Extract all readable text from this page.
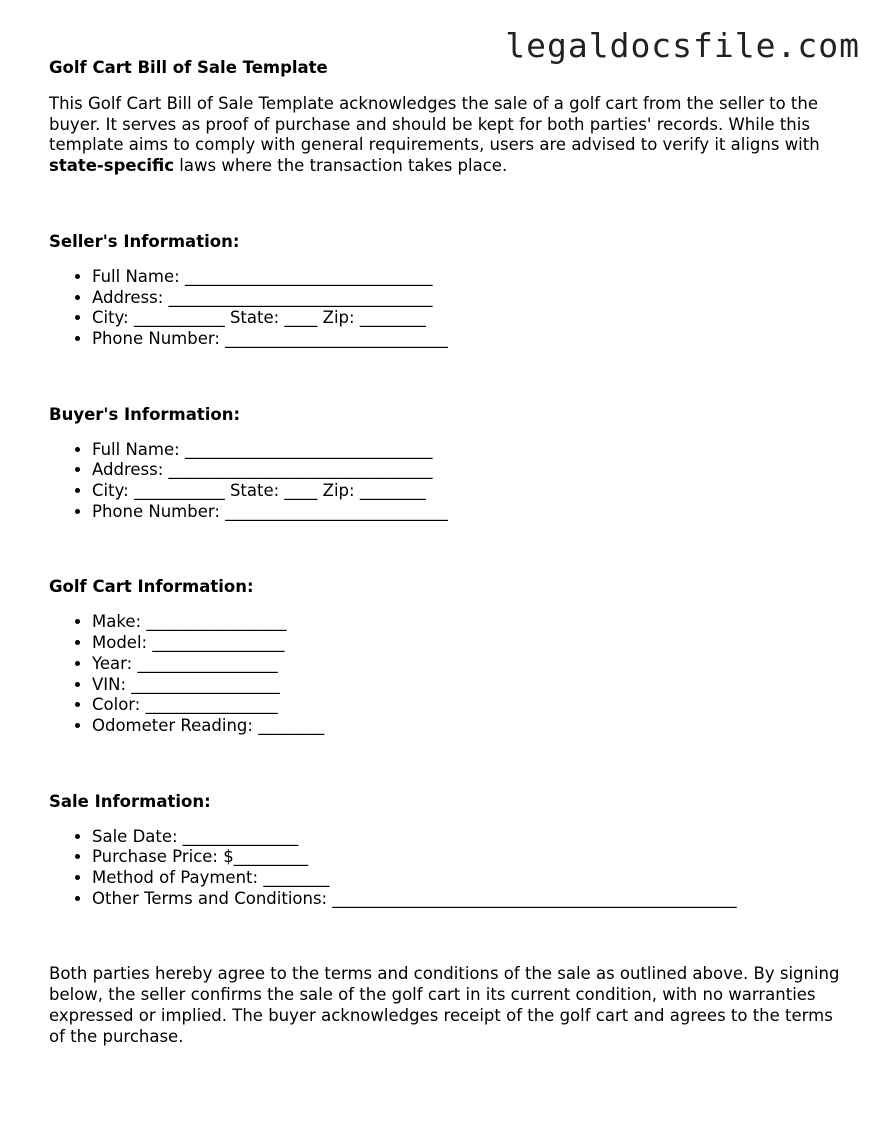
legaldocsfile.com
Golf Cart Bill of Sale Template

This Golf Cart Bill of Sale Template acknowledges the sale of a golf cart from the seller to the buyer. It serves as proof of purchase and should be kept for both parties' records. While this template aims to comply with general requirements, users are advised to verify it aligns with state-specific laws where the transaction takes place.

Seller's Information:
• Full Name: ______________________________
• Address: ________________________________
• City: ___________ State: ____ Zip: ________
• Phone Number: ___________________________
Buyer's Information:
• Full Name: ______________________________
• Address: ________________________________
• City: ___________ State: ____ Zip: ________
• Phone Number: ___________________________
Golf Cart Information:
• Make: _________________
• Model: ________________
• Year: _________________
• VIN: __________________
• Color: ________________
• Odometer Reading: ________
Sale Information:
• Sale Date: ______________
• Purchase Price: $_________
• Method of Payment: ________
• Other Terms and Conditions: _________________________________________________

Both parties hereby agree to the terms and conditions of the sale as outlined above. By signing below, the seller confirms the sale of the golf cart in its current condition, with no warranties expressed or implied. The buyer acknowledges receipt of the golf cart and agrees to the terms of the purchase.
